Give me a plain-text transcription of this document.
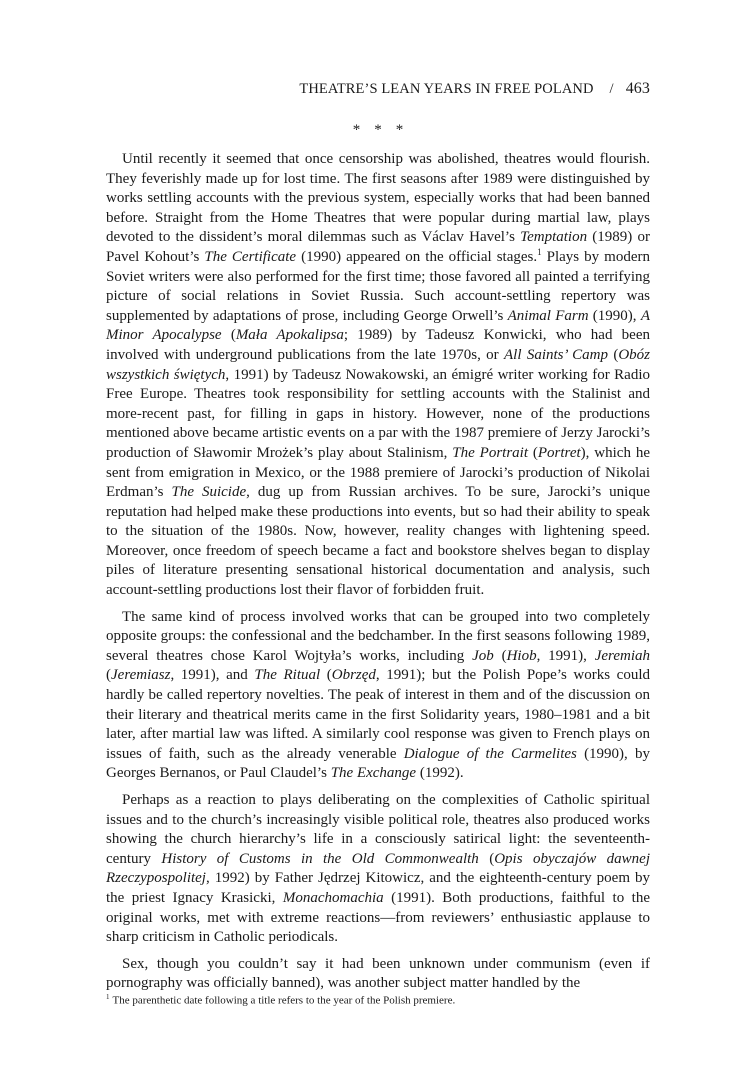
THEATRE’S LEAN YEARS IN FREE POLAND / 463
* * *

Until recently it seemed that once censorship was abolished, theatres would flourish. They feverishly made up for lost time. The first seasons after 1989 were distinguished by works settling accounts with the previous system, especially works that had been banned before. Straight from the Home Theatres that were popular during martial law, plays devoted to the dissident’s moral dilemmas such as Václav Havel’s Temptation (1989) or Pavel Kohout’s The Certificate (1990) appeared on the official stages.$^1$ Plays by modern Soviet writers were also performed for the first time; those favored all painted a terrifying picture of social relations in Soviet Russia. Such account-settling repertory was supplemented by adaptations of prose, including George Orwell’s Animal Farm (1990), A Minor Apocalypse (Mała Apokalipsa; 1989) by Tadeusz Konwicki, who had been involved with underground publications from the late 1970s, or All Saints’ Camp (Obóz wszystkich świętych, 1991) by Tadeusz Nowakowski, an émigré writer working for Radio Free Europe. Theatres took responsibility for settling accounts with the Stalinist and more-recent past, for filling in gaps in history. However, none of the productions mentioned above became artistic events on a par with the 1987 premiere of Jerzy Jarocki’s production of Sławomir Mrożek’s play about Stalinism, The Portrait (Portret), which he sent from emigration in Mexico, or the 1988 premiere of Jarocki’s production of Nikolai Erdman’s The Suicide, dug up from Russian archives. To be sure, Jarocki’s unique reputation had helped make these productions into events, but so had their ability to speak to the situation of the 1980s. Now, however, reality changes with lightening speed. Moreover, once freedom of speech became a fact and bookstore shelves began to display piles of literature presenting sensational historical documentation and analysis, such account-settling productions lost their flavor of forbidden fruit.

The same kind of process involved works that can be grouped into two completely opposite groups: the confessional and the bedchamber. In the first seasons following 1989, several theatres chose Karol Wojtyła’s works, including Job (Hiob, 1991), Jeremiah (Jeremiasz, 1991), and The Ritual (Obrzęd, 1991); but the Polish Pope’s works could hardly be called repertory novelties. The peak of interest in them and of the discussion on their literary and theatrical merits came in the first Solidarity years, 1980–1981 and a bit later, after martial law was lifted. A similarly cool response was given to French plays on issues of faith, such as the already venerable Dialogue of the Carmelites (1990), by Georges Bernanos, or Paul Claudel’s The Exchange (1992).

Perhaps as a reaction to plays deliberating on the complexities of Catholic spiritual issues and to the church’s increasingly visible political role, theatres also produced works showing the church hierarchy’s life in a consciously satirical light: the seventeenth-century History of Customs in the Old Commonwealth (Opis obyczajów dawnej Rzeczypospolitej, 1992) by Father Jędrzej Kitowicz, and the eighteenth-century poem by the priest Ignacy Krasicki, Monachomachia (1991). Both productions, faithful to the original works, met with extreme reactions—from reviewers’ enthusiastic applause to sharp criticism in Catholic periodicals.

Sex, though you couldn’t say it had been unknown under communism (even if pornography was officially banned), was another subject matter handled by the

$^1$ The parenthetic date following a title refers to the year of the Polish premiere.
